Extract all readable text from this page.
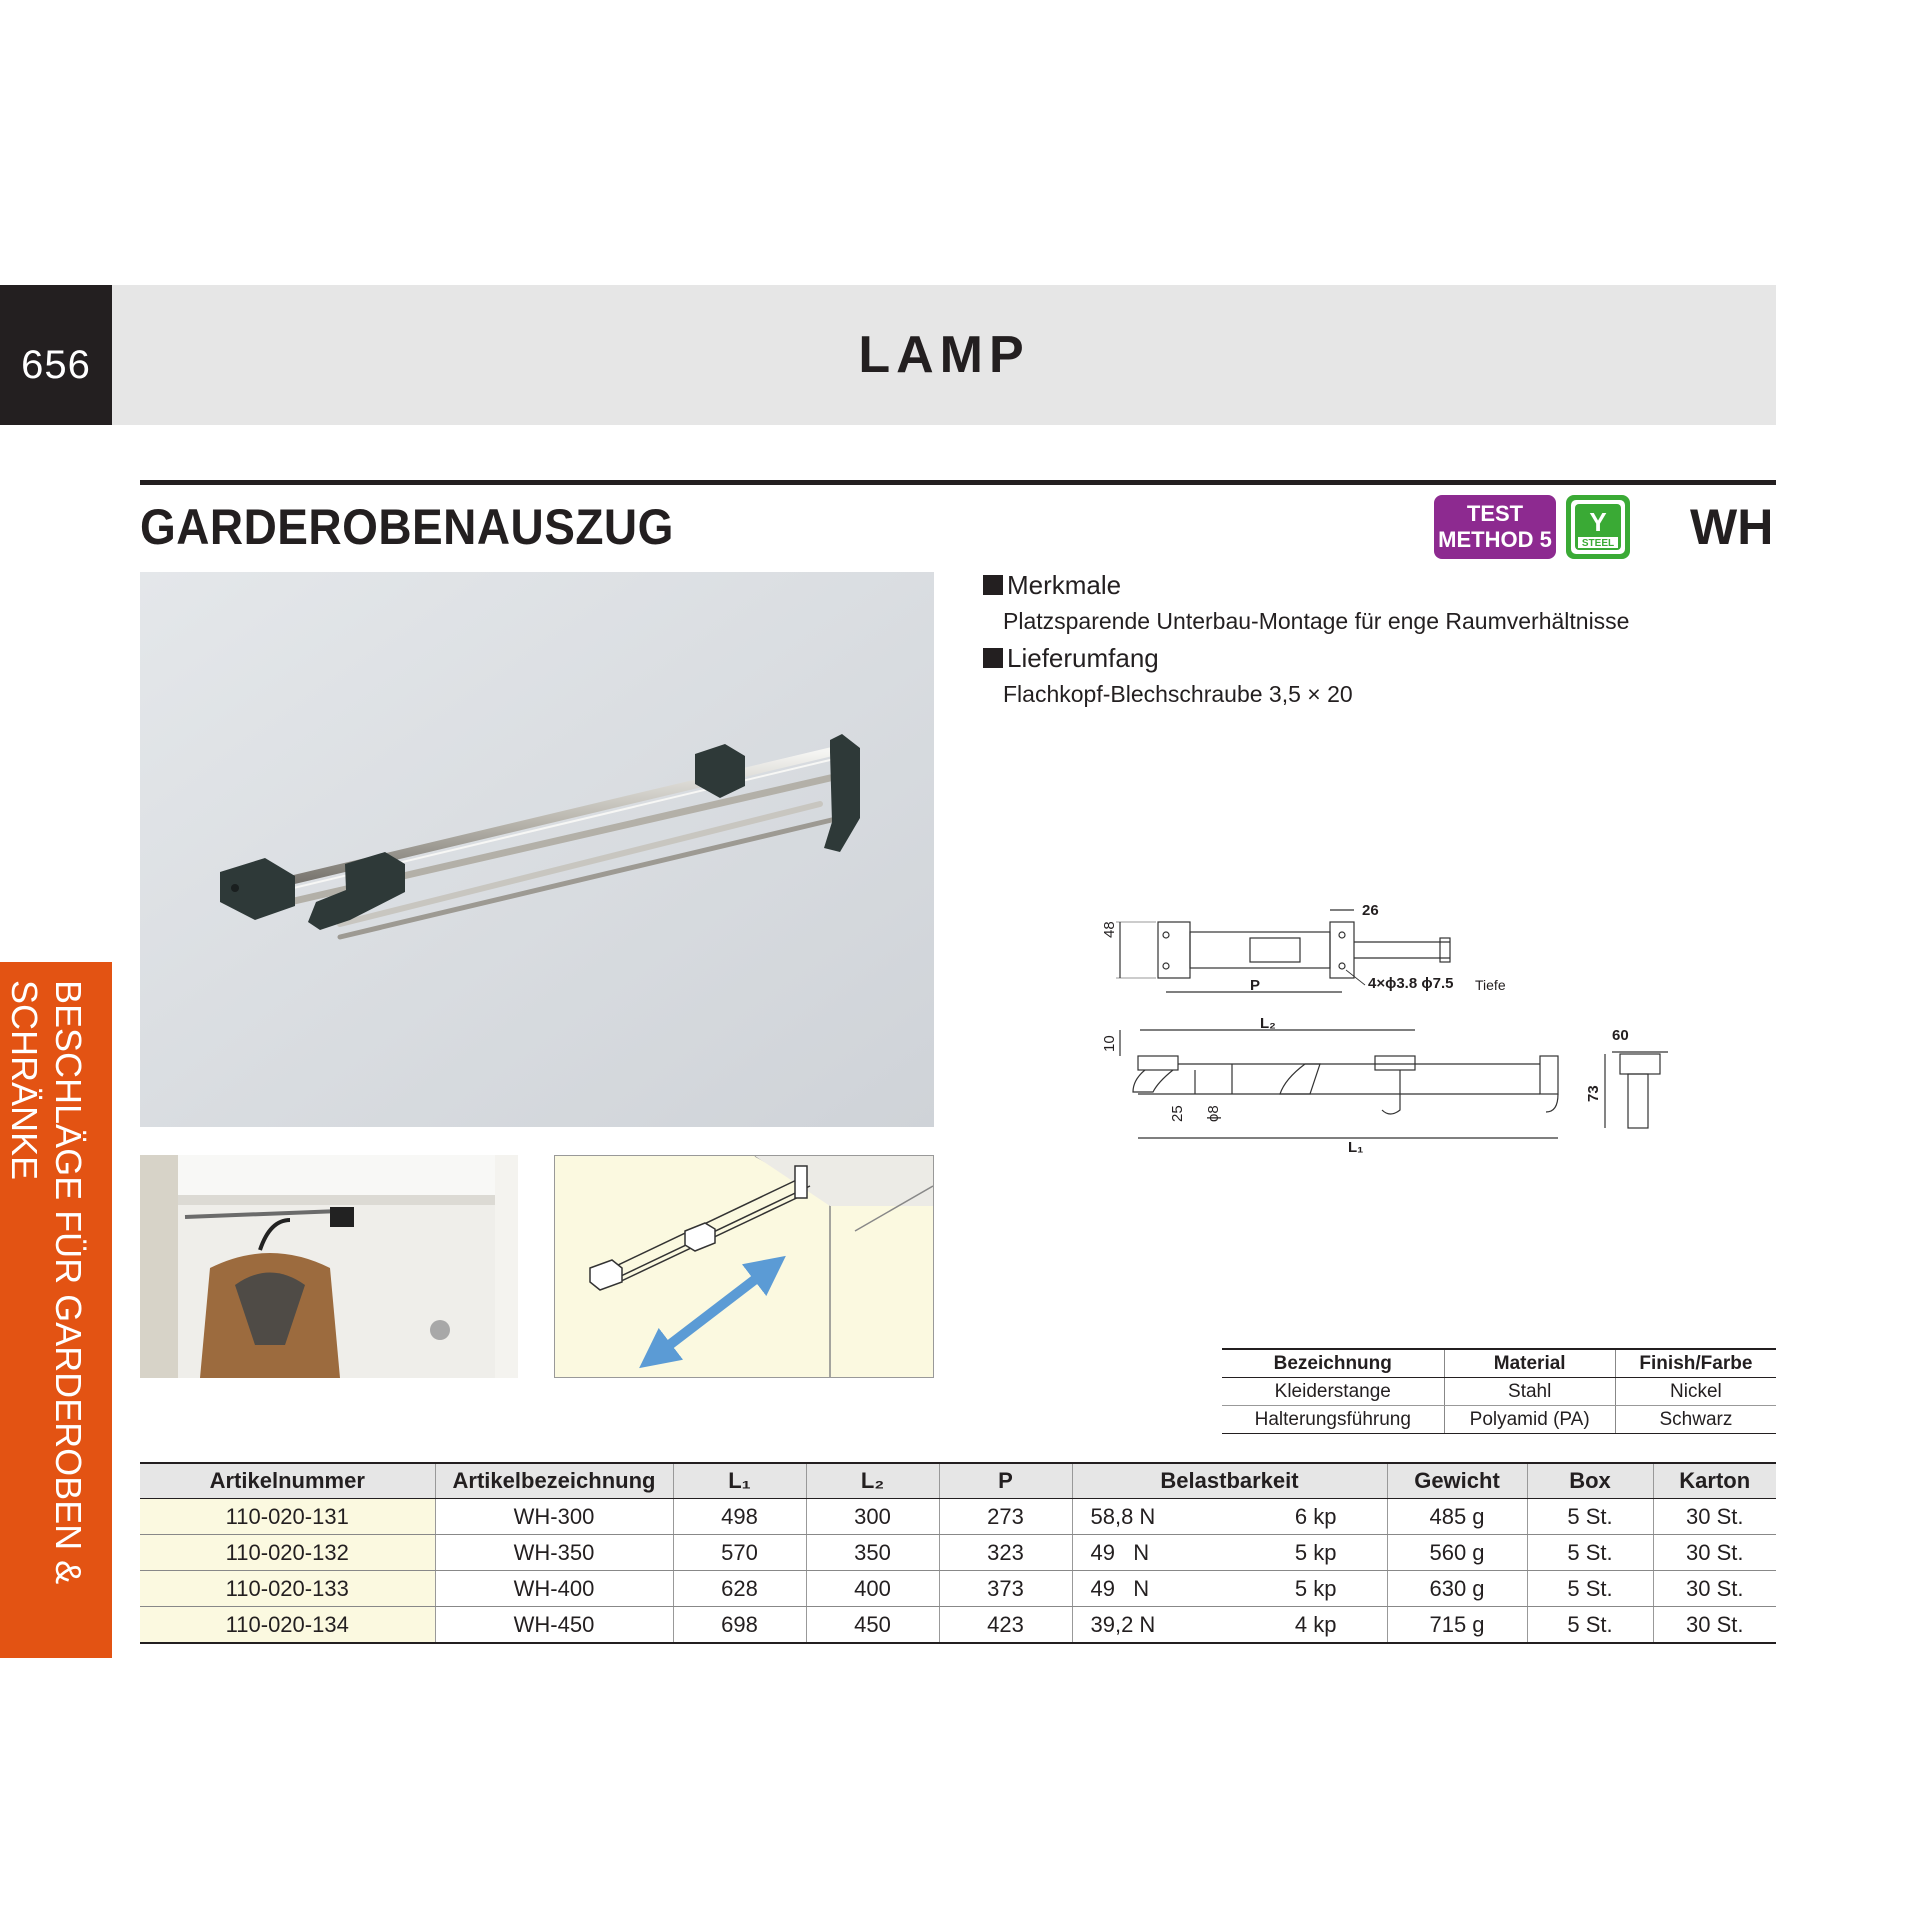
656	LAMP
BESCHLÄGE FÜR GARDEROBEN & SCHRÄNKE
GARDEROBENAUSZUG	TEST
METHOD 5
Y
STEEL WH
Merkmale
Platzsparende Unterbau-Montage für enge Raumverhältnisse
Lieferumfang
Flachkopf-Blechschraube 3,5 × 20
48
26
P	4×ϕ3.8 ϕ7.5 Tiefe
10
L₂
25 ϕ8
L₁
60
73
Bezeichnung	Material	Finish/Farbe
Kleiderstange	Stahl	Nickel
Halterungsführung	Polyamid (PA)	Schwarz
Artikelnummer	Artikelbezeichnung	L₁	L₂	P	Belastbarkeit		Gewicht	Box	Karton
110-020-131	WH-300	498	300	273	58,8 N	6 kp	485 g	5 St.	30 St.
110-020-132	WH-350	570	350	323	49   N	5 kp	560 g	5 St.	30 St.
110-020-133	WH-400	628	400	373	49   N	5 kp	630 g	5 St.	30 St.
110-020-134	WH-450	698	450	423	39,2 N	4 kp	715 g	5 St.	30 St.
